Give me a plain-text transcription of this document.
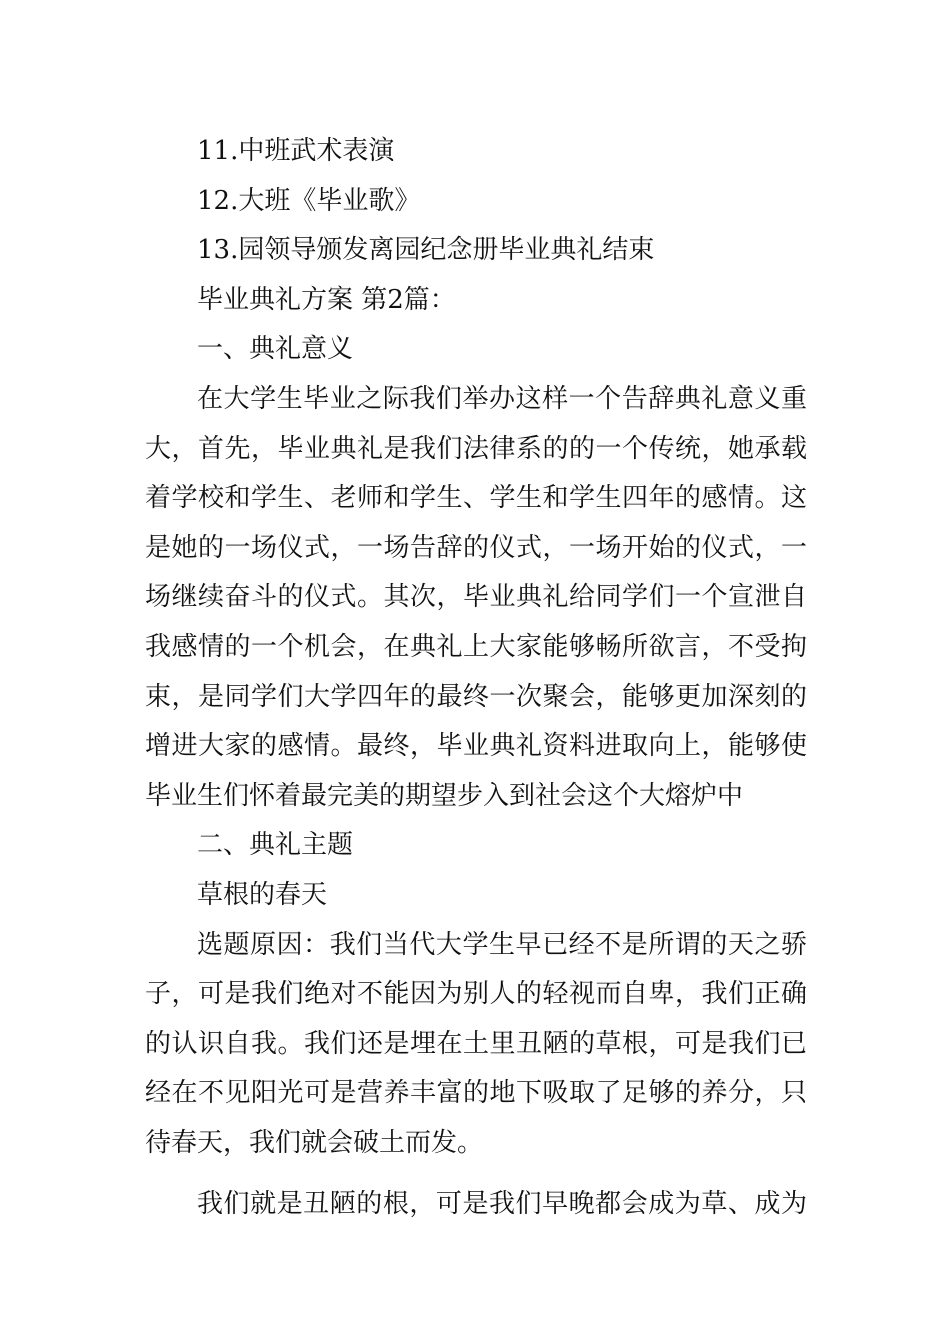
11.中班武术表演
12.大班《毕业歌》
13.园领导颁发离园纪念册毕业典礼结束
毕业典礼方案 第2篇：
一、典礼意义
在大学生毕业之际我们举办这样一个告辞典礼意义重
大，首先，毕业典礼是我们法律系的的一个传统，她承载
着学校和学生、老师和学生、学生和学生四年的感情。这
是她的一场仪式，一场告辞的仪式，一场开始的仪式，一
场继续奋斗的仪式。其次，毕业典礼给同学们一个宣泄自
我感情的一个机会，在典礼上大家能够畅所欲言，不受拘
束，是同学们大学四年的最终一次聚会，能够更加深刻的
增进大家的感情。最终，毕业典礼资料进取向上，能够使
毕业生们怀着最完美的期望步入到社会这个大熔炉中
二、典礼主题
草根的春天
选题原因：我们当代大学生早已经不是所谓的天之骄
子，可是我们绝对不能因为别人的轻视而自卑，我们正确
的认识自我。我们还是埋在土里丑陋的草根，可是我们已
经在不见阳光可是营养丰富的地下吸取了足够的养分，只
待春天，我们就会破土而发。
我们就是丑陋的根，可是我们早晚都会成为草、成为
